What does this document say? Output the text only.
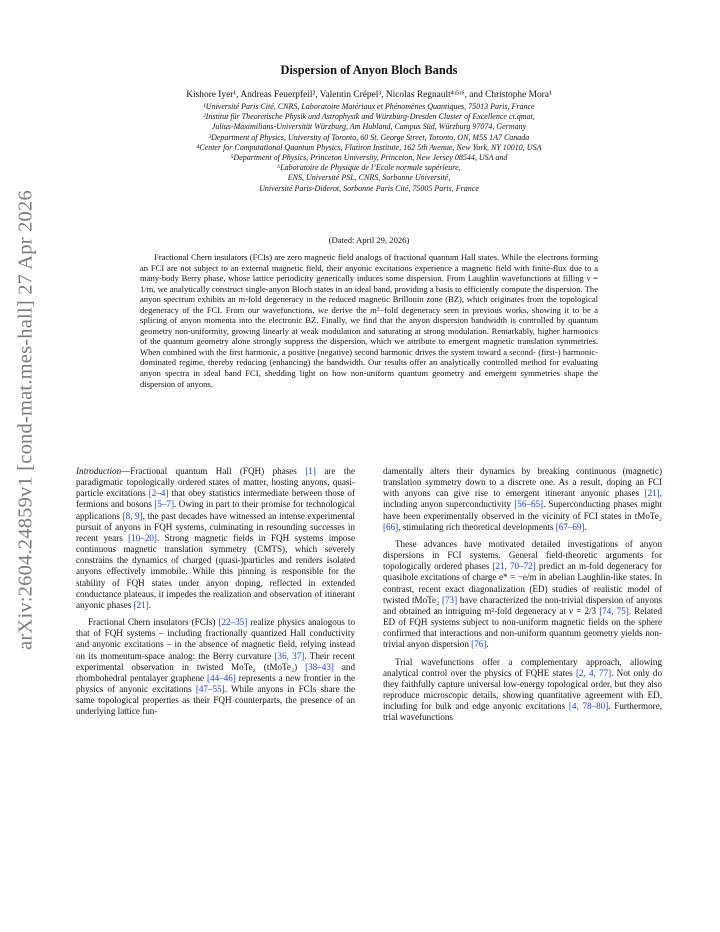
arXiv:2604.24859v1 [cond-mat.mes-hall] 27 Apr 2026
Dispersion of Anyon Bloch Bands
Kishore Iyer¹, Andreas Feuerpfeil², Valentin Crépel³, Nicolas Regnault⁴ʴ⁵ʴ⁶, and Christophe Mora¹
¹Université Paris Cité, CNRS, Laboratoire Matériaux et Phénomènes Quantiques, 75013 Paris, France
²Institut für Theoretische Physik und Astrophysik and Würzburg-Dresden Cluster of Excellence ct.qmat,
Julius-Maximilians-Universität Würzburg, Am Hubland, Campus Süd, Würzburg 97074, Germany
³Department of Physics, University of Toronto, 60 St. George Street, Toronto, ON, M5S 1A7 Canada
⁴Center for Computational Quantum Physics, Flatiron Institute, 162 5th Avenue, New York, NY 10010, USA
⁵Department of Physics, Princeton University, Princeton, New Jersey 08544, USA and
⁶Laboratoire de Physique de l’Ecole normale supérieure,
ENS, Université PSL, CNRS, Sorbonne Université,
Université Paris-Diderot, Sorbonne Paris Cité, 75005 Paris, France
(Dated: April 29, 2026)
Fractional Chern insulators (FCIs) are zero magnetic field analogs of fractional quantum Hall states. While the electrons forming an FCI are not subject to an external magnetic field, their anyonic excitations experience a magnetic field with finite-flux due to a many-body Berry phase, whose lattice periodicity generically induces some dispersion. From Laughlin wavefunctions at filling ν = 1/m, we analytically construct single-anyon Bloch states in an ideal band, providing a basis to efficiently compute the dispersion. The anyon spectrum exhibits an m-fold degeneracy in the reduced magnetic Brillouin zone (BZ), which originates from the topological degeneracy of the FCI. From our wavefunctions, we derive the m²−fold degeneracy seen in previous works, showing it to be a splicing of anyon momenta into the electronic BZ. Finally, we find that the anyon dispersion bandwidth is controlled by quantum geometry non-uniformity, growing linearly at weak modulation and saturating at strong modulation. Remarkably, higher harmonics of the quantum geometry alone strongly suppress the dispersion, which we attribute to emergent magnetic translation symmetries. When combined with the first harmonic, a positive (negative) second harmonic drives the system toward a second- (first-) harmonic-dominated regime, thereby reducing (enhancing) the bandwidth. Our results offer an analytically controlled method for evaluating anyon spectra in ideal band FCI, shedding light on how non-uniform quantum geometry and emergent symmetries shape the dispersion of anyons.

Introduction—Fractional quantum Hall (FQH) phases [1] are the paradigmatic topologically ordered states of matter, hosting anyons, quasi-particle excitations [2–4] that obey statistics intermediate between those of fermions and bosons [5–7]. Owing in part to their promise for technological applications [8, 9], the past decades have witnessed an intense experimental pursuit of anyons in FQH systems, culminating in resounding successes in recent years [10–20]. Strong magnetic fields in FQH systems impose continuous magnetic translation symmetry (CMTS), which severely constrains the dynamics of charged (quasi-)particles and renders isolated anyons effectively immobile. While this pinning is responsible for the stability of FQH states under anyon doping, reflected in extended conductance plateaus, it impedes the realization and observation of itinerant anyonic phases [21].

Fractional Chern insulators (FCIs) [22–35] realize physics analogous to that of FQH systems – including fractionally quantized Hall conductivity and anyonic excitations – in the absence of magnetic field, relying instead on its momentum-space analog: the Berry curvature [36, 37]. Their recent experimental observation in twisted MoTe₂ (tMoTe₂) [38–43] and rhombohedral pentalayer graphene [44–46] represents a new frontier in the physics of anyonic excitations [47–55]. While anyons in FCIs share the same topological properties as their FQH counterparts, the presence of an underlying lattice fun-

damentally alters their dynamics by breaking continuous (magnetic) translation symmetry down to a discrete one. As a result, doping an FCI with anyons can give rise to emergent itinerant anyonic phases [21], including anyon superconductivity [56–65]. Superconducting phases might have been experimentally observed in the vicinity of FCI states in tMoTe₂ [66], stimulating rich theoretical developments [67–69].

These advances have motivated detailed investigations of anyon dispersions in FCI systems. General field-theoretic arguments for topologically ordered phases [21, 70–72] predict an m-fold degeneracy for quasihole excitations of charge e* = −e/m in abelian Laughlin-like states. In contrast, recent exact diagonalization (ED) studies of realistic model of twisted tMoTe₂ [73] have characterized the non-trivial dispersion of anyons and obtained an intriguing m²-fold degeneracy at ν = 2/3 [74, 75]. Related ED of FQH systems subject to non-uniform magnetic fields on the sphere confirmed that interactions and non-uniform quantum geometry yields non-trivial anyon dispersion [76].

Trial wavefunctions offer a complementary approach, allowing analytical control over the physics of FQHE states [2, 4, 77]. Not only do they faithfully capture universal low-energy topological order, but they also reproduce microscopic details, showing quantitative agreement with ED, including for bulk and edge anyonic excitations [4, 78–80]. Furthermore, trial wavefunctions
